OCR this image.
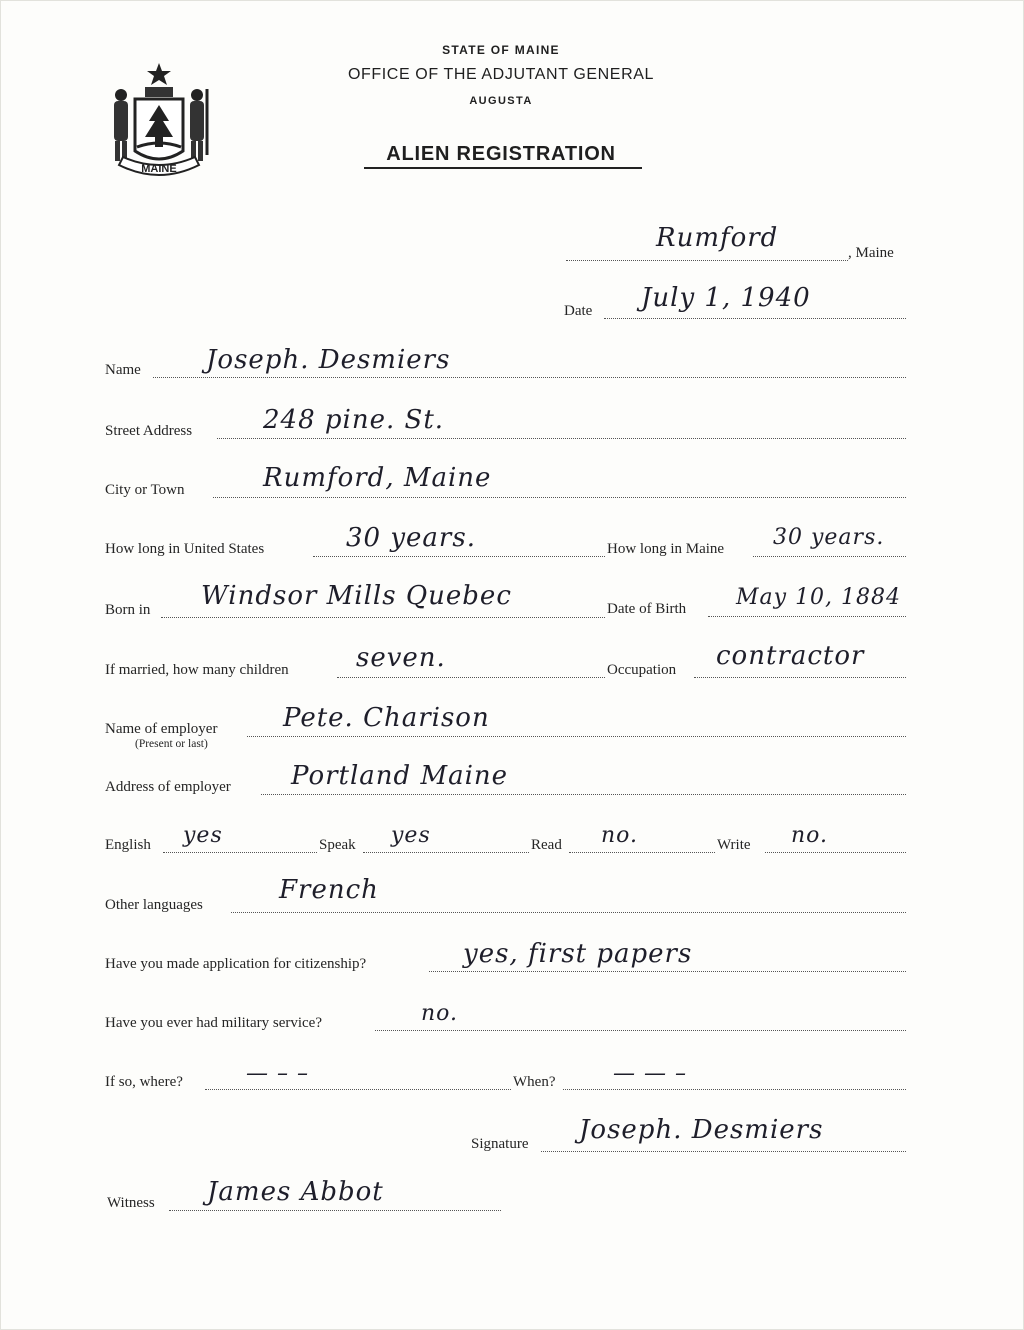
MAINE
STATE OF MAINE
OFFICE OF THE ADJUTANT GENERAL
AUGUSTA
ALIEN REGISTRATION
Rumford	, Maine
Date July 1, 1940
Name	Joseph. Desmiers
Street Address	248 pine. St.
City or Town	Rumford, Maine
How long in United States	30 years.	How long in Maine 30 years.
Born in Windsor Mills Quebec	Date of Birth May 10, 1884
If married, how many children	seven.	Occupation contractor
Name of employer
(Present or last)
Pete. Charison
Address of employer Portland Maine
English yes	Speak yes	Read no.	Write no.
Other languages	French
Have you made application for citizenship?	yes, first papers
Have you ever had military service?	no.
If so, where?	— – –	When?	— — –
Signature Joseph. Desmiers
Witness James Abbot
